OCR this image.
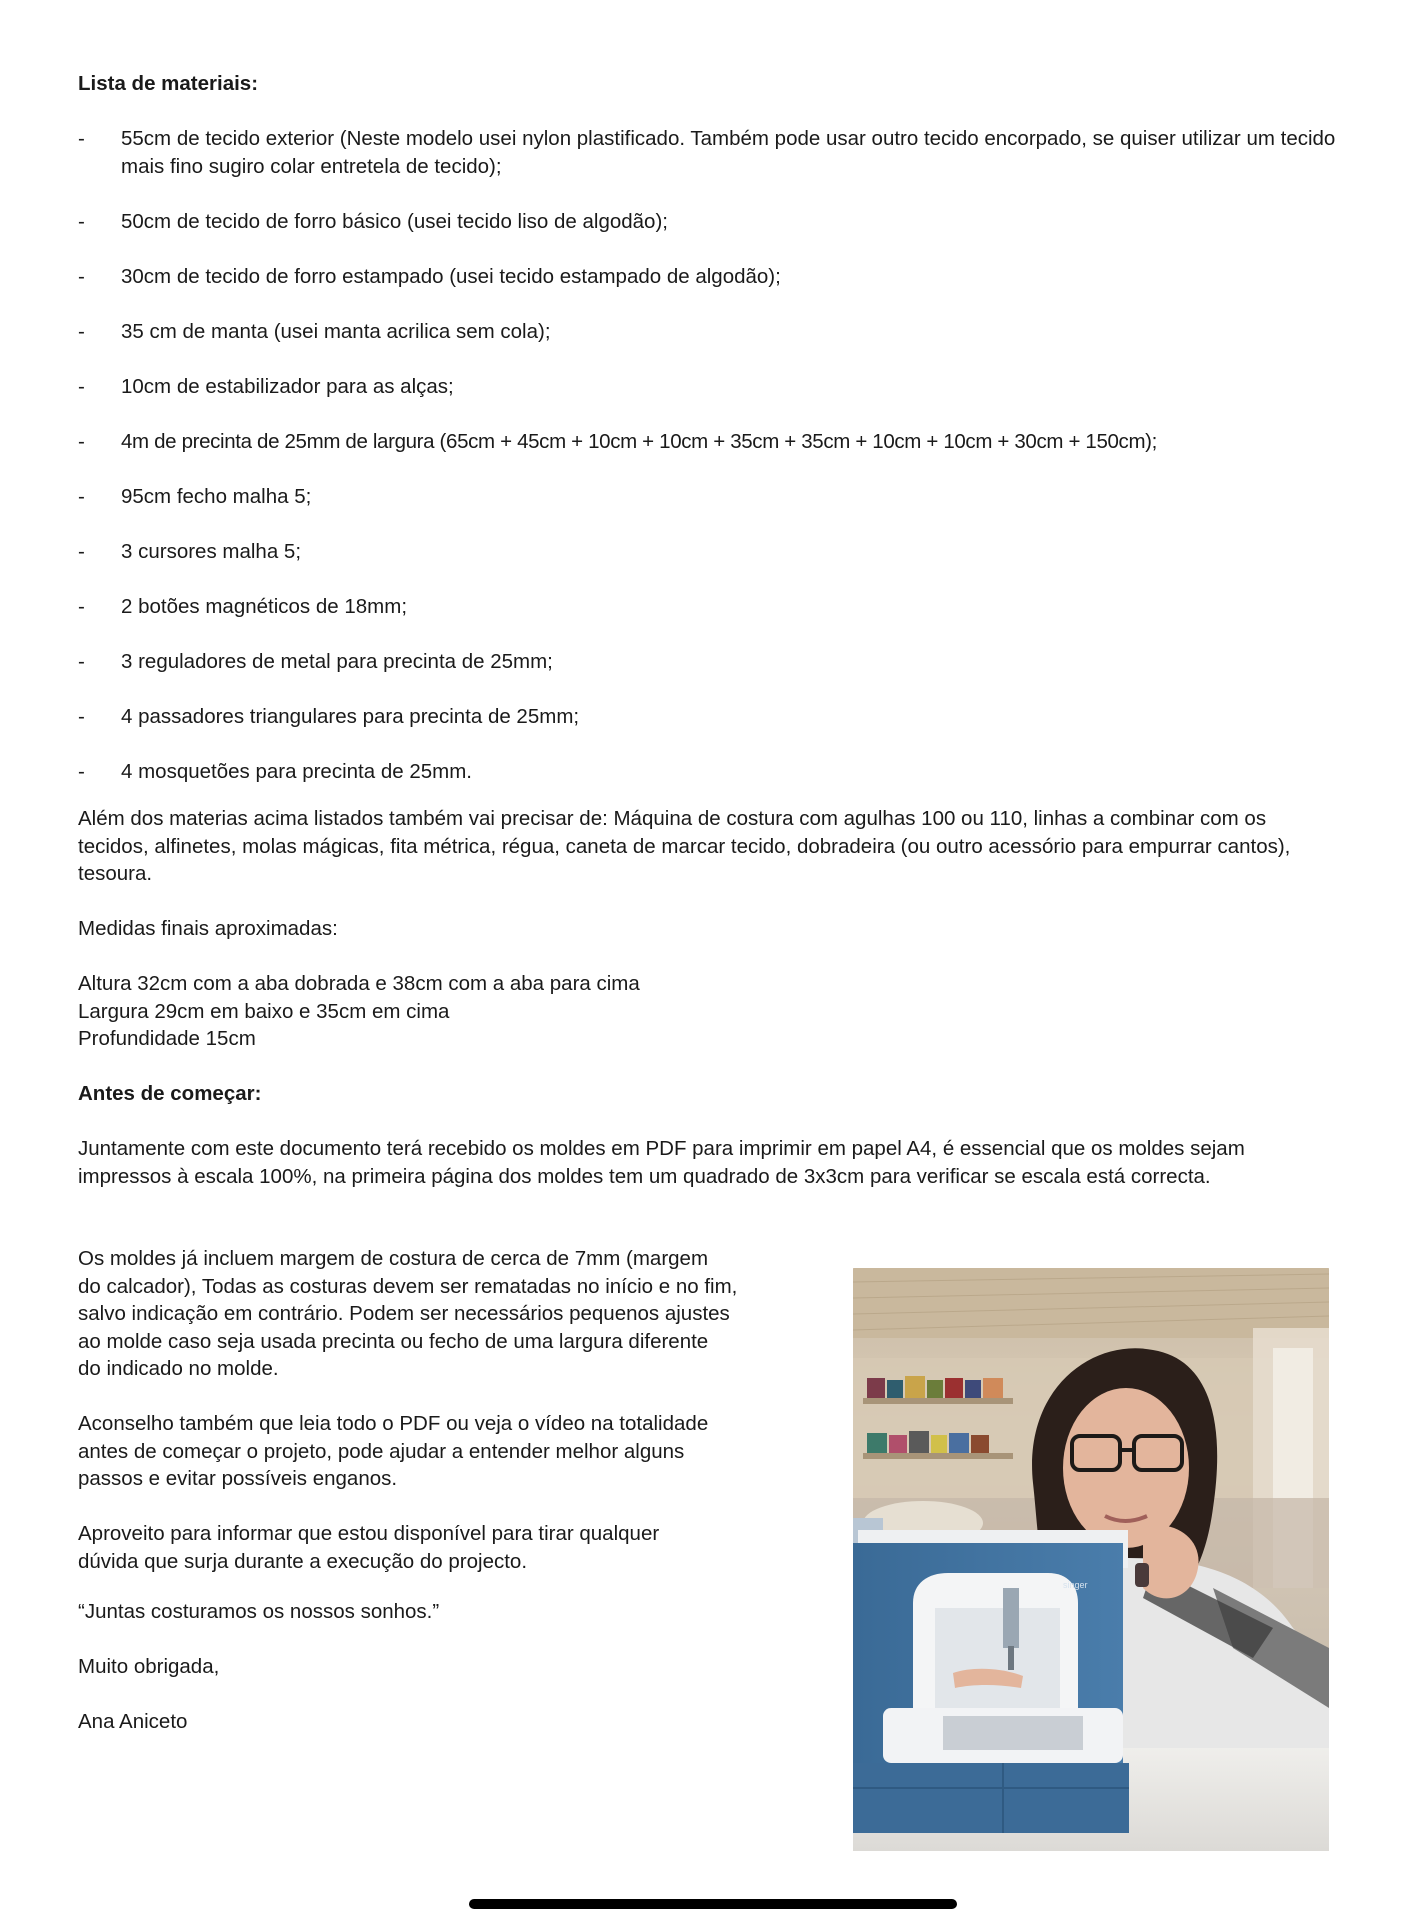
Lista de materiais:
- 55cm de tecido exterior (Neste modelo usei nylon plastificado. Também pode usar outro tecido encorpado, se quiser utilizar um tecido mais fino sugiro colar entretela de tecido);
- 50cm de tecido de forro básico (usei tecido liso de algodão);
- 30cm de tecido de forro estampado (usei tecido estampado de algodão);
- 35 cm de manta (usei manta acrilica sem cola);
- 10cm de estabilizador para as alças;
- 4m de precinta de 25mm de largura (65cm + 45cm + 10cm + 10cm + 35cm + 35cm + 10cm + 10cm + 30cm + 150cm);
- 95cm fecho malha 5;
- 3 cursores malha 5;
- 2 botões magnéticos de 18mm;
- 3 reguladores de metal para precinta de 25mm;
- 4 passadores triangulares para precinta de 25mm;
- 4 mosquetões para precinta de 25mm.

Além dos materias acima listados também vai precisar de: Máquina de costura com agulhas 100 ou 110, linhas a combinar com os tecidos, alfinetes, molas mágicas, fita métrica, régua, caneta de marcar tecido, dobradeira (ou outro acessório para empurrar cantos), tesoura.

Medidas finais aproximadas:

Altura 32cm com a aba dobrada e 38cm com a aba para cima
Largura 29cm em baixo e 35cm em cima
Profundidade 15cm
Antes de começar:

Juntamente com este documento terá recebido os moldes em PDF para imprimir em papel A4, é essencial que os moldes sejam impressos à escala 100%, na primeira página dos moldes tem um quadrado de 3x3cm para verificar se escala está correcta.

Os moldes já incluem margem de costura de cerca de 7mm (margem
do calcador), Todas as costuras devem ser rematadas no início e no fim,
salvo indicação em contrário. Podem ser necessários pequenos ajustes
ao molde caso seja usada precinta ou fecho de uma largura diferente
do indicado no molde.
Aconselho também que leia todo o PDF ou veja o vídeo na totalidade
antes de começar o projeto, pode ajudar a entender melhor alguns
passos e evitar possíveis enganos.
Aproveito para informar que estou disponível para tirar qualquer
dúvida que surja durante a execução do projecto.

“Juntas costuramos os nossos sonhos.”

Muito obrigada,

Ana Aniceto

singer
